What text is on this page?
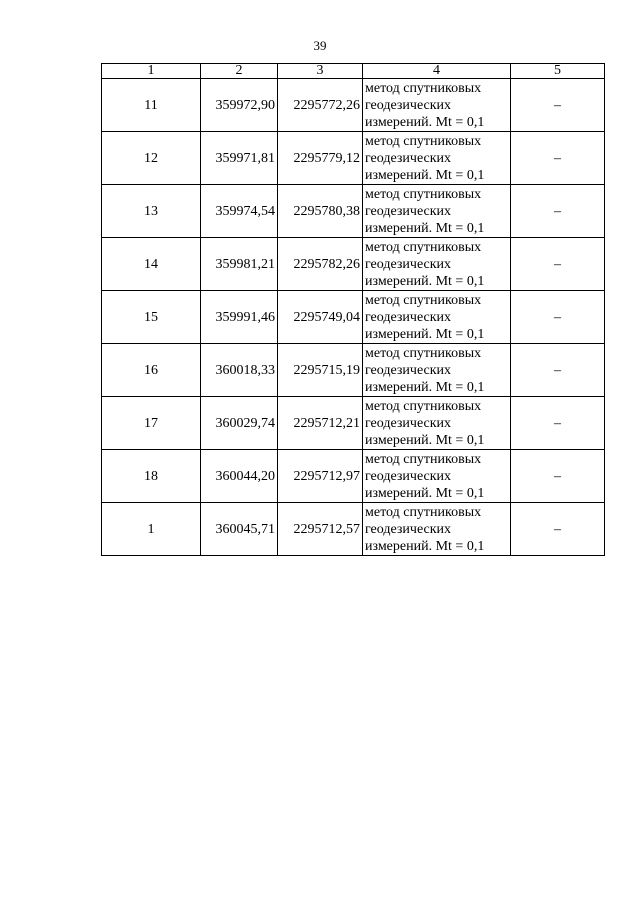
39
1	2	3	4	5
11	359972,90	2295772,26	метод спутниковых
геодезических
измерений. Mt = 0,1	–
12	359971,81	2295779,12	метод спутниковых
геодезических
измерений. Mt = 0,1	–
13	359974,54	2295780,38	метод спутниковых
геодезических
измерений. Mt = 0,1	–
14	359981,21	2295782,26	метод спутниковых
геодезических
измерений. Mt = 0,1	–
15	359991,46	2295749,04	метод спутниковых
геодезических
измерений. Mt = 0,1	–
16	360018,33	2295715,19	метод спутниковых
геодезических
измерений. Mt = 0,1	–
17	360029,74	2295712,21	метод спутниковых
геодезических
измерений. Mt = 0,1	–
18	360044,20	2295712,97	метод спутниковых
геодезических
измерений. Mt = 0,1	–
1	360045,71	2295712,57	метод спутниковых
геодезических
измерений. Mt = 0,1	–
